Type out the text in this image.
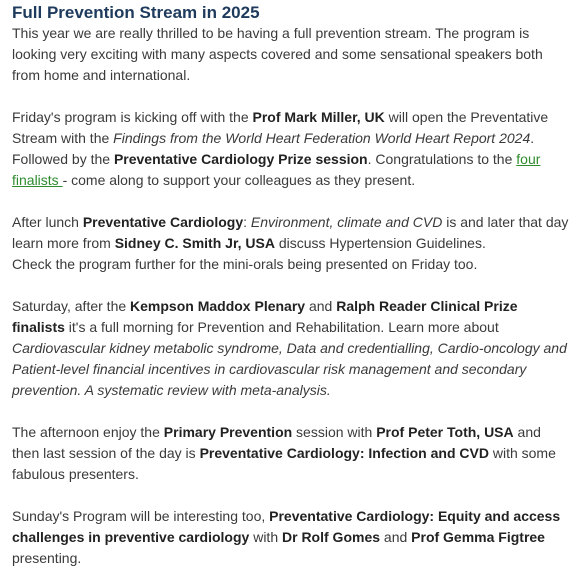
Full Prevention Stream in 2025

This year we are really thrilled to be having a full prevention stream. The program is looking very exciting with many aspects covered and some sensational speakers both from home and international.

Friday's program is kicking off with the Prof Mark Miller, UK will open the Preventative Stream with the Findings from the World Heart Federation World Heart Report 2024. Followed by the Preventative Cardiology Prize session. Congratulations to the four finalists - come along to support your colleagues as they present.

After lunch Preventative Cardiology: Environment, climate and CVD is and later that day learn more from Sidney C. Smith Jr, USA discuss Hypertension Guidelines.
Check the program further for the mini-orals being presented on Friday too.

Saturday, after the Kempson Maddox Plenary and Ralph Reader Clinical Prize finalists it's a full morning for Prevention and Rehabilitation. Learn more about Cardiovascular kidney metabolic syndrome, Data and credentialling, Cardio-oncology and Patient-level financial incentives in cardiovascular risk management and secondary prevention. A systematic review with meta-analysis.

The afternoon enjoy the Primary Prevention session with Prof Peter Toth, USA and then last session of the day is Preventative Cardiology: Infection and CVD with some fabulous presenters.

Sunday's Program will be interesting too, Preventative Cardiology: Equity and access challenges in preventive cardiology with Dr Rolf Gomes and Prof Gemma Figtree presenting.
